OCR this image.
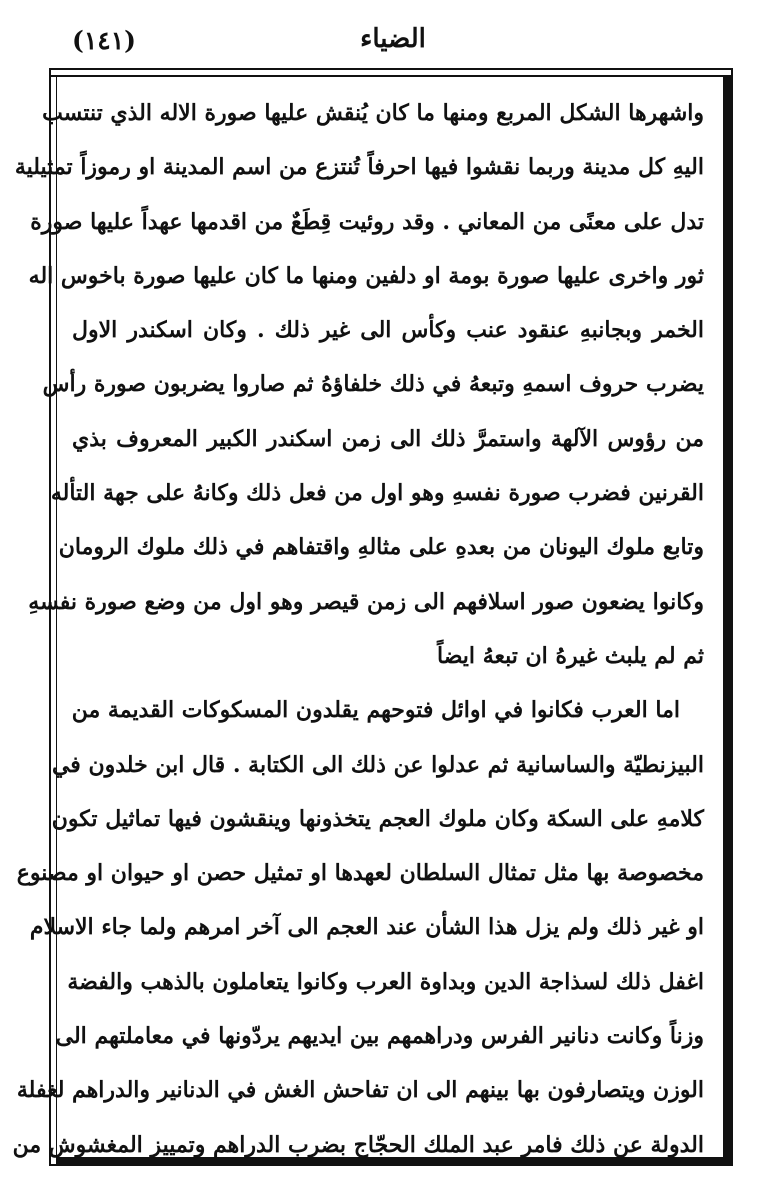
الضياء
(١٤١)
واشهرها الشكل المربع ومنها ما كان يُنقش عليها صورة الاله الذي تنتسب
اليهِ كل مدينة وربما نقشوا فيها احرفاً تُنتزع من اسم المدينة او رموزاً تمثيلية
تدل على معنًى من المعاني . وقد روئيت قِطَعٌ من اقدمها عهداً عليها صورة
ثور واخرى عليها صورة بومة او دلفين ومنها ما كان عليها صورة باخوس اله
الخمر وبجانبهِ عنقود عنب وكأس الى غير ذلك . وكان اسكندر الاول
يضرب حروف اسمهِ وتبعهُ في ذلك خلفاؤهُ ثم صاروا يضربون صورة رأس
من رؤوس الآلهة واستمرَّ ذلك الى زمن اسكندر الكبير المعروف بذي
القرنين فضرب صورة نفسهِ وهو اول من فعل ذلك وكانهُ على جهة التأله
وتابع ملوك اليونان من بعدهِ على مثالهِ واقتفاهم في ذلك ملوك الرومان
وكانوا يضعون صور اسلافهم الى زمن قيصر وهو اول من وضع صورة نفسهِ
ثم لم يلبث غيرهُ ان تبعهُ ايضاً
اما العرب فكانوا في اوائل فتوحهم يقلدون المسكوكات القديمة من
البيزنطيّة والساسانية ثم عدلوا عن ذلك الى الكتابة . قال ابن خلدون في
كلامهِ على السكة وكان ملوك العجم يتخذونها وينقشون فيها تماثيل تكون
مخصوصة بها مثل تمثال السلطان لعهدها او تمثيل حصن او حيوان او مصنوع
او غير ذلك ولم يزل هذا الشأن عند العجم الى آخر امرهم ولما جاء الاسلام
اغفل ذلك لسذاجة الدين وبداوة العرب وكانوا يتعاملون بالذهب والفضة
وزناً وكانت دنانير الفرس ودراهمهم بين ايديهم يردّونها في معاملتهم الى
الوزن ويتصارفون بها بينهم الى ان تفاحش الغش في الدنانير والدراهم لغفلة
الدولة عن ذلك فامر عبد الملك الحجّاج بضرب الدراهم وتمييز المغشوش من
